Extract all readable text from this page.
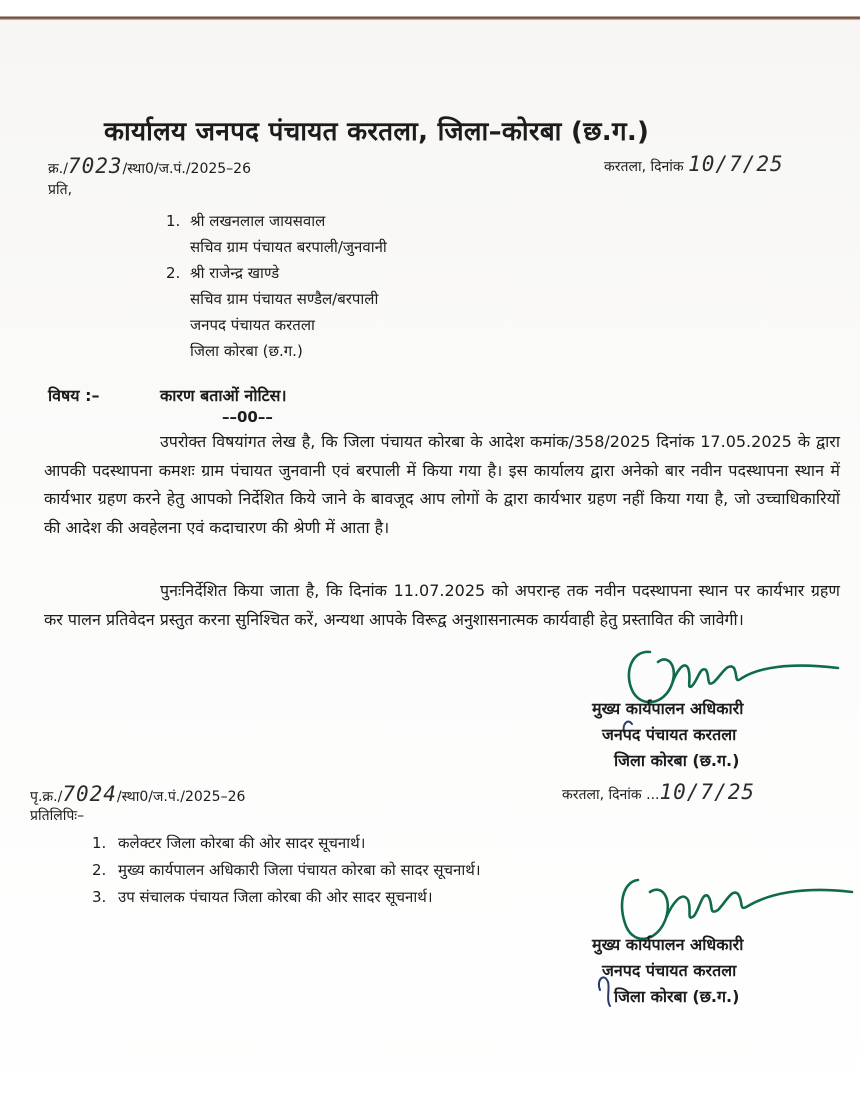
कार्यालय जनपद पंचायत करतला, जिला–कोरबा (छ.ग.)
क्र./7023/स्था0/ज.पं./2025–26	करतला, दिनांक 10/7/25
प्रति,
1. श्री लखनलाल जायसवाल
सचिव ग्राम पंचायत बरपाली/जुनवानी
2. श्री राजेन्द्र खाण्डे
सचिव ग्राम पंचायत सण्डैल/बरपाली
जनपद पंचायत करतला
जिला कोरबा (छ.ग.)
विषय :–	कारण बताओं नोटिस।
––00––
उपरोक्त विषयांगत लेख है, कि जिला पंचायत कोरबा के आदेश कमांक/358/2025 दिनांक 17.05.2025 के द्वारा आपकी पदस्थापना कमशः ग्राम पंचायत जुनवानी एवं बरपाली में किया गया है। इस कार्यालय द्वारा अनेको बार नवीन पदस्थापना स्थान में कार्यभार ग्रहण करने हेतु आपको निर्देशित किये जाने के बावजूद आप लोगों के द्वारा कार्यभार ग्रहण नहीं किया गया है, जो उच्चाधिकारियों की आदेश की अवहेलना एवं कदाचारण की श्रेणी में आता है।
पुनःनिर्देशित किया जाता है, कि दिनांक 11.07.2025 को अपरान्ह तक नवीन पदस्थापना स्थान पर कार्यभार ग्रहण कर पालन प्रतिवेदन प्रस्तुत करना सुनिश्चित करें, अन्यथा आपके विरूद्व अनुशासनात्मक कार्यवाही हेतु प्रस्तावित की जावेगी।
मुख्य कार्यपालन अधिकारी
जनपद पंचायत करतला
जिला कोरबा (छ.ग.)
पृ.क्र./7024/स्था0/ज.पं./2025–26	करतला, दिनांक ...10/7/25
प्रतिलिपिः–
1. कलेक्टर जिला कोरबा की ओर सादर सूचनार्थ।
2. मुख्य कार्यपालन अधिकारी जिला पंचायत कोरबा को सादर सूचनार्थ।
3. उप संचालक पंचायत जिला कोरबा की ओर सादर सूचनार्थ।
मुख्य कार्यपालन अधिकारी
जनपद पंचायत करतला
जिला कोरबा (छ.ग.)
